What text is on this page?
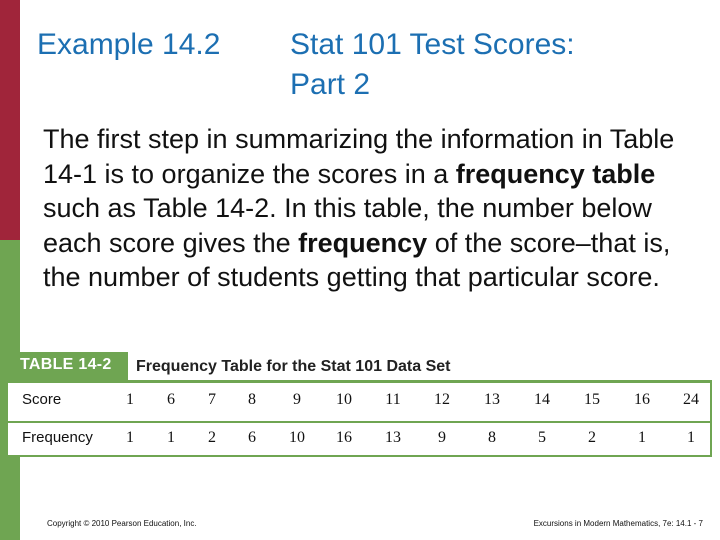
Example 14.2 Stat 101 Test Scores:
Part 2
The first step in summarizing the information in Table 14-1 is to organize the scores in a frequency table such as Table 14-2. In this table, the number below each score gives the frequency of the score–that is, the number of students getting that particular score.
TABLE 14-2 Frequency Table for the Stat 101 Data Set
Score	1	6	7	8	9	10	11	12	13	14	15	16	24
Frequency	1	1	2	6	10	16	13	9	8	5	2	1	1
Copyright © 2010 Pearson Education, Inc.	Excursions in Modern Mathematics, 7e: 14.1 - 7
